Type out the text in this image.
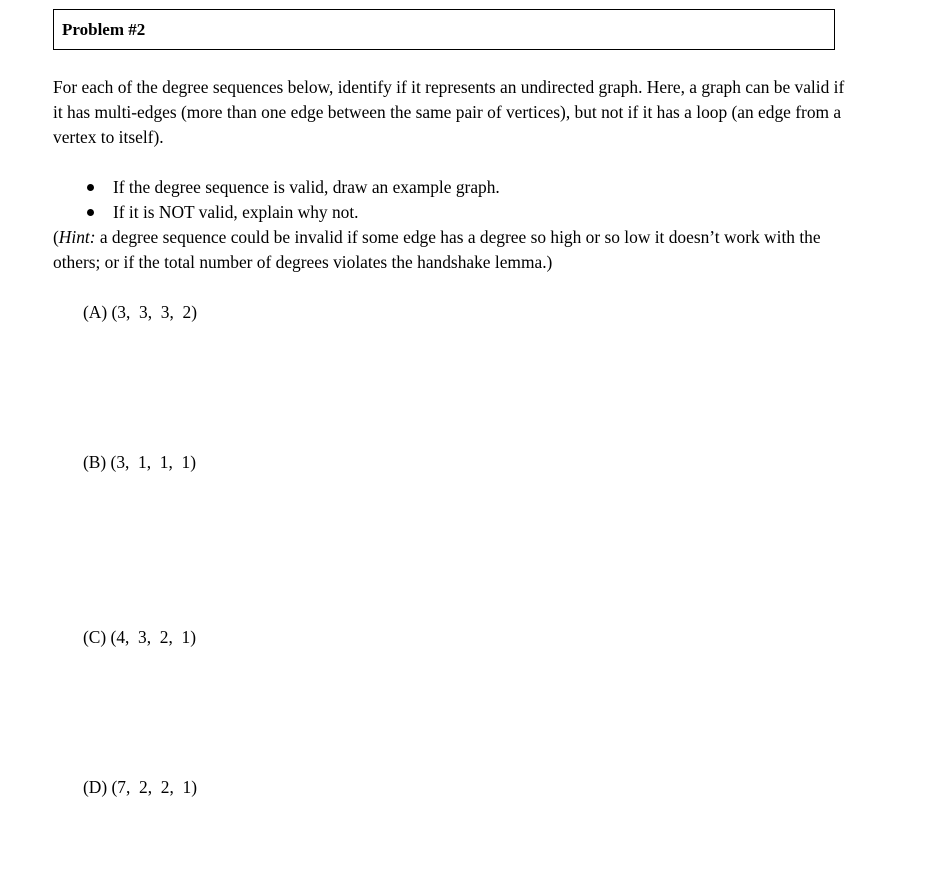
Problem #2

For each of the degree sequences below, identify if it represents an undirected graph. Here, a graph can be valid if it has multi-edges (more than one edge between the same pair of vertices), but not if it has a loop (an edge from a vertex to itself).

If the degree sequence is valid, draw an example graph.
If it is NOT valid, explain why not.

(Hint: a degree sequence could be invalid if some edge has a degree so high or so low it doesn’t work with the others; or if the total number of degrees violates the handshake lemma.)

(A) (3,  3,  3,  2)
(B) (3,  1,  1,  1)
(C) (4,  3,  2,  1)
(D) (7,  2,  2,  1)
